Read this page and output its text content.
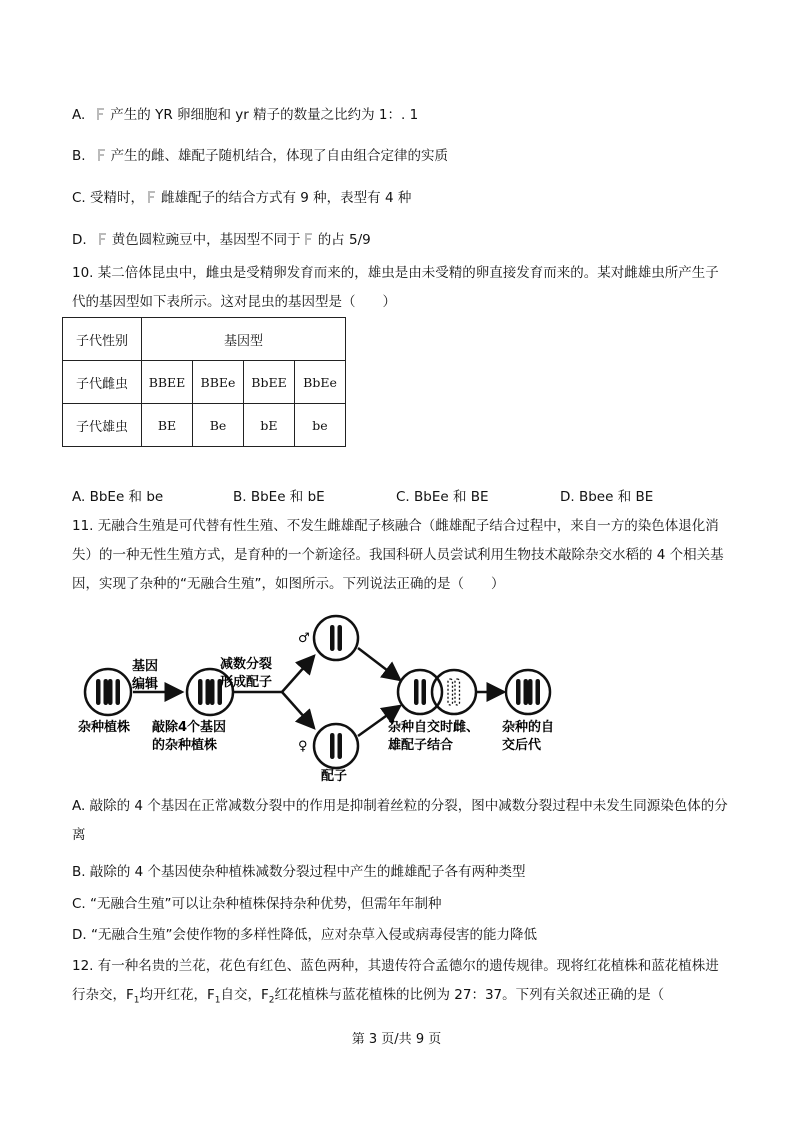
A. 产生的 YR 卵细胞和 yr 精子的数量之比约为 1：. 1
B. 产生的雌、雄配子随机结合，体现了自由组合定律的实质
C. 受精时， 雌雄配子的结合方式有 9 种，表型有 4 种
D. 黄色圆粒豌豆中，基因型不同于 的占 5/9
10. 某二倍体昆虫中，雌虫是受精卵发育而来的，雄虫是由未受精的卵直接发育而来的。某对雌雄虫所产生子代的基因型如下表所示。这对昆虫的基因型是（　　）
子代性别	基因型			
子代雌虫	BBEE	BBEe	BbEE	BbEe
子代雄虫	BE	Be	bE	be
A. BbEe 和 be	B. BbEe 和 bE	C. BbEe 和 BE	D. Bbee 和 BE
11. 无融合生殖是可代替有性生殖、不发生雌雄配子核融合（雌雄配子结合过程中，来自一方的染色体退化消失）的一种无性生殖方式，是育种的一个新途径。我国科研人员尝试利用生物技术敲除杂交水稻的 4 个相关基因，实现了杂种的“无融合生殖”，如图所示。下列说法正确的是（　　）
基因
编辑
杂种植株 敲除4个基因
的杂种植株
减数分裂
形成配子
♂
♀
配子
杂种自交时雌、
雄配子结合
杂种的自
交后代
A. 敲除的 4 个基因在正常减数分裂中的作用是抑制着丝粒的分裂，图中减数分裂过程中未发生同源染色体的分离
B. 敲除的 4 个基因使杂种植株减数分裂过程中产生的雌雄配子各有两种类型
C. “无融合生殖”可以让杂种植株保持杂种优势，但需年年制种
D. “无融合生殖”会使作物的多样性降低，应对杂草入侵或病毒侵害的能力降低
12. 有一种名贵的兰花，花色有红色、蓝色两种，其遗传符合孟德尔的遗传规律。现将红花植株和蓝花植株进行杂交，$F_1$均开红花，$F_1$自交，$F_2$红花植株与蓝花植株的比例为 27：37。下列有关叙述正确的是（
第 3 页/共 9 页
